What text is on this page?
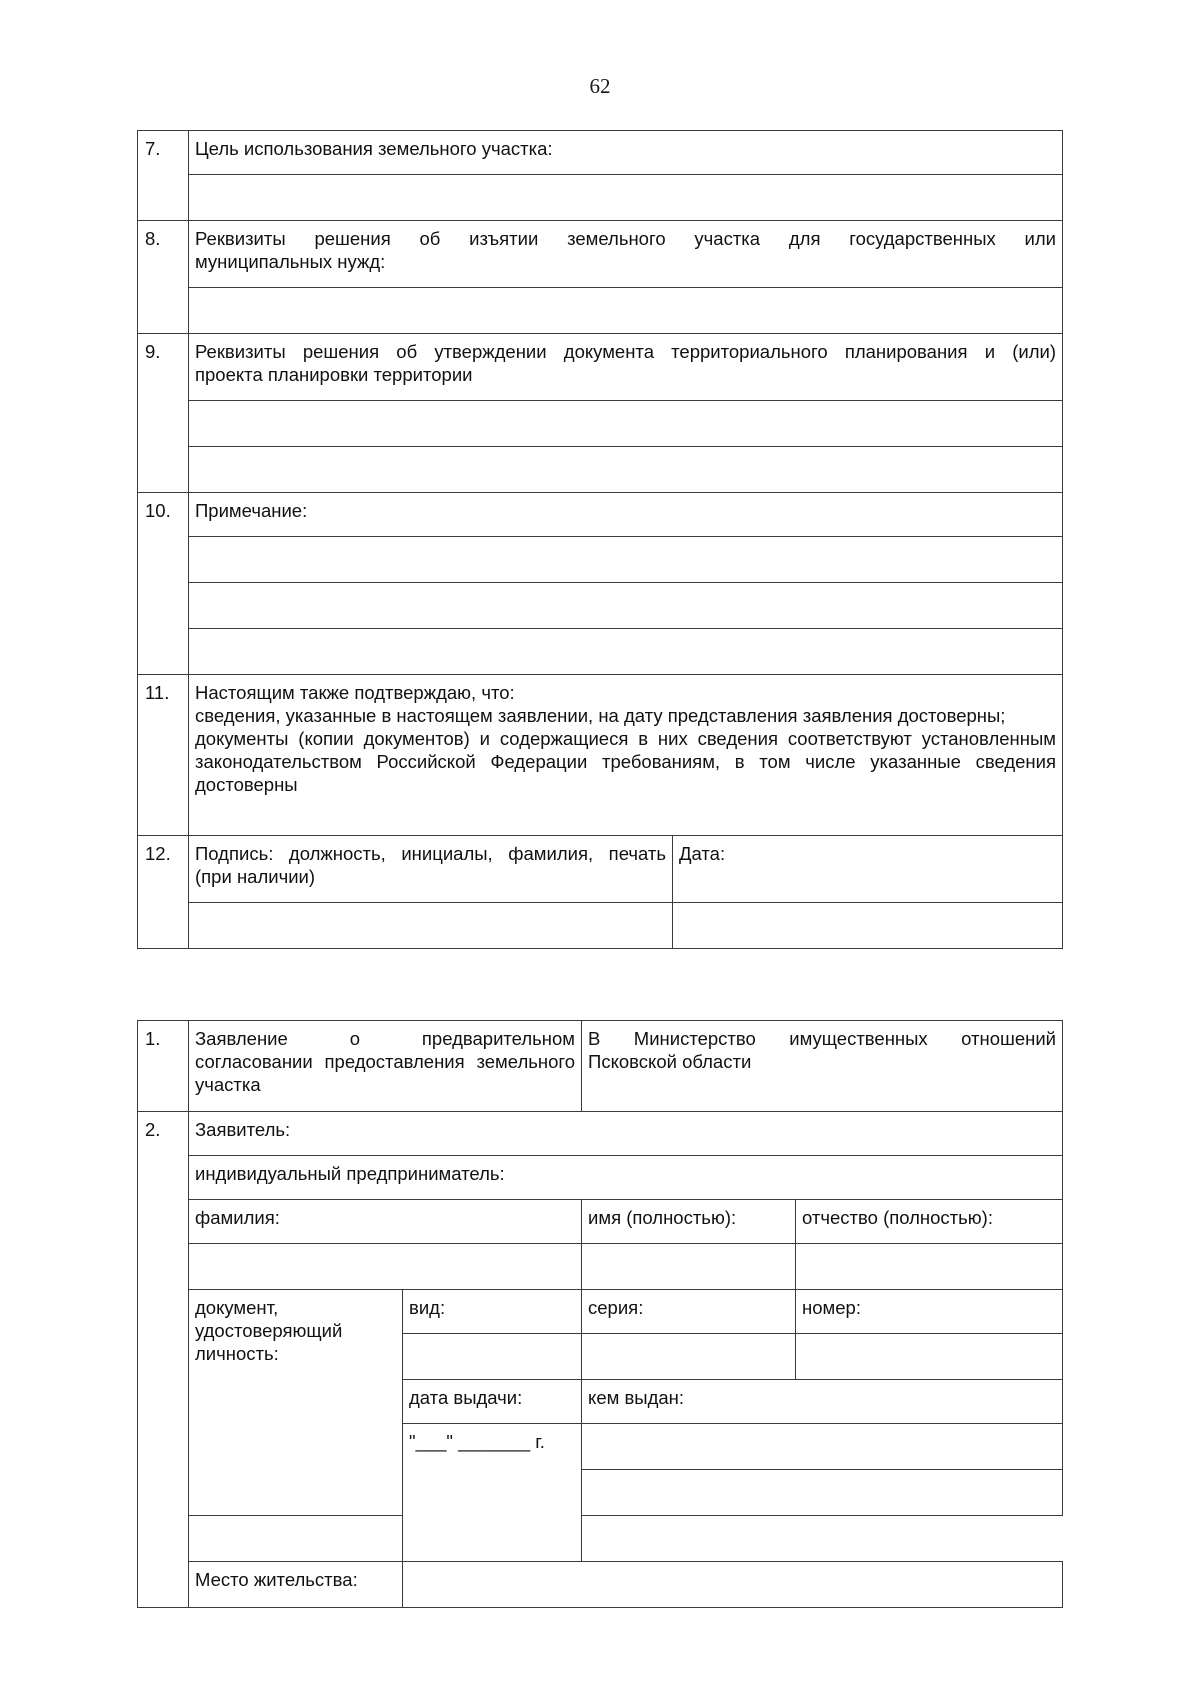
62
7.	Цель использования земельного участка:	

8.	Реквизиты решения об изъятии земельного участка для государственных или
муниципальных нужд:	

9.	Реквизиты решения об утверждении документа территориального планирования и (или)
проекта планировки территории	

10.	Примечание:	

11.	Настоящим также подтверждаю, что:
сведения, указанные в настоящем заявлении, на дату представления заявления достоверны;
документы (копии документов) и содержащиеся в них сведения соответствуют установленным законодательством Российской Федерации требованиям, в том числе указанные сведения достоверны	

12.	Подпись: должность, инициалы, фамилия, печать (при наличии)	Дата:

1.	Заявление о предварительном согласовании предоставления земельного участка		В Министерство имущественных отношений Псковской области	
2.	Заявитель:			
	индивидуальный предприниматель:			
	фамилия:		имя (полностью):	отчество (полностью):

	документ, удостоверяющий личность:	вид:	серия:	номер:

		дата выдачи:	кем выдан:	
		"___" _______ г.		

	Место жительства:			
